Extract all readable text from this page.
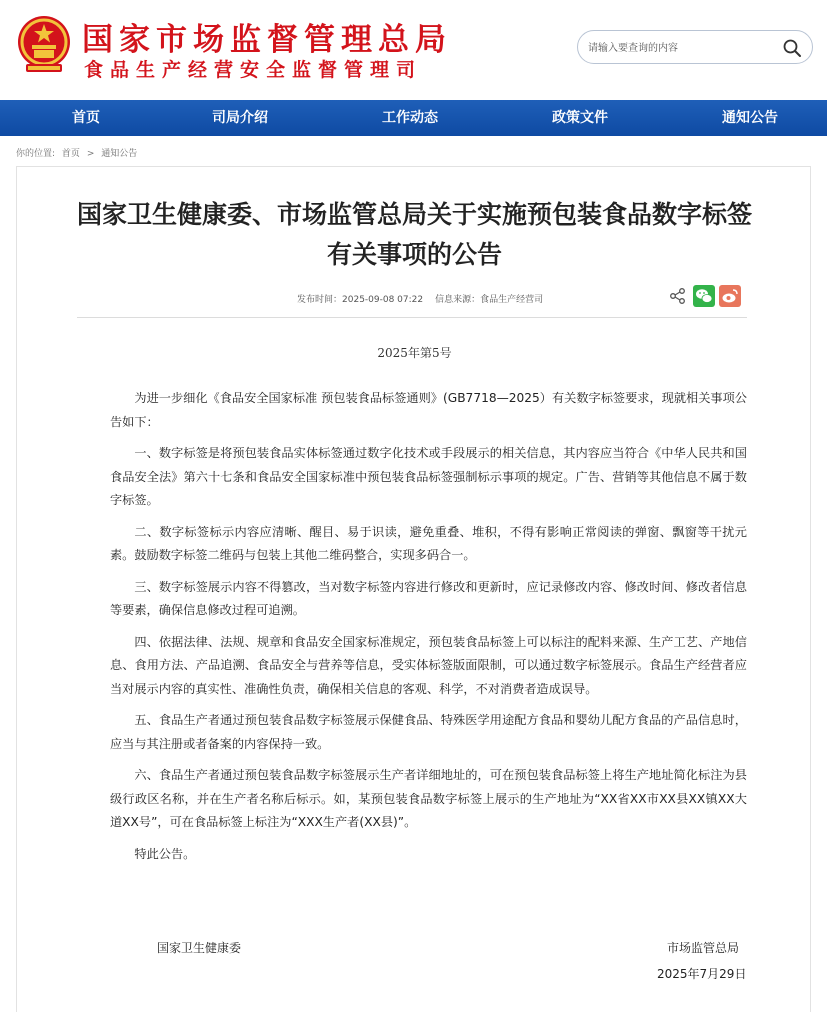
国家市场监督管理总局
食品生产经营安全监督管理司
请输入要查询的内容
首页	司局介绍	工作动态	政策文件	通知公告
你的位置: 首页 > 通知公告
国家卫生健康委、市场监管总局关于实施预包装食品数字标签有关事项的公告
发布时间：2025-09-08 07:22 信息来源：食品生产经营司
2025年第5号

为进一步细化《食品安全国家标准 预包装食品标签通则》(GB7718—2025）有关数字标签要求，现就相关事项公告如下：

一、数字标签是将预包装食品实体标签通过数字化技术或手段展示的相关信息，其内容应当符合《中华人民共和国食品安全法》第六十七条和食品安全国家标准中预包装食品标签强制标示事项的规定。广告、营销等其他信息不属于数字标签。

二、数字标签标示内容应清晰、醒目、易于识读，避免重叠、堆积，不得有影响正常阅读的弹窗、飘窗等干扰元素。鼓励数字标签二维码与包装上其他二维码整合，实现多码合一。

三、数字标签展示内容不得篡改，当对数字标签内容进行修改和更新时，应记录修改内容、修改时间、修改者信息等要素，确保信息修改过程可追溯。

四、依据法律、法规、规章和食品安全国家标准规定，预包装食品标签上可以标注的配料来源、生产工艺、产地信息、食用方法、产品追溯、食品安全与营养等信息，受实体标签版面限制，可以通过数字标签展示。食品生产经营者应当对展示内容的真实性、准确性负责，确保相关信息的客观、科学，不对消费者造成误导。

五、食品生产者通过预包装食品数字标签展示保健食品、特殊医学用途配方食品和婴幼儿配方食品的产品信息时，应当与其注册或者备案的内容保持一致。

六、食品生产者通过预包装食品数字标签展示生产者详细地址的，可在预包装食品标签上将生产地址简化标注为县级行政区名称，并在生产者名称后标示。如，某预包装食品数字标签上展示的生产地址为“XX省XX市XX县XX镇XX大道XX号”，可在食品标签上标注为“XXX生产者(XX县)”。

特此公告。

国家卫生健康委	市场监管总局
2025年7月29日
